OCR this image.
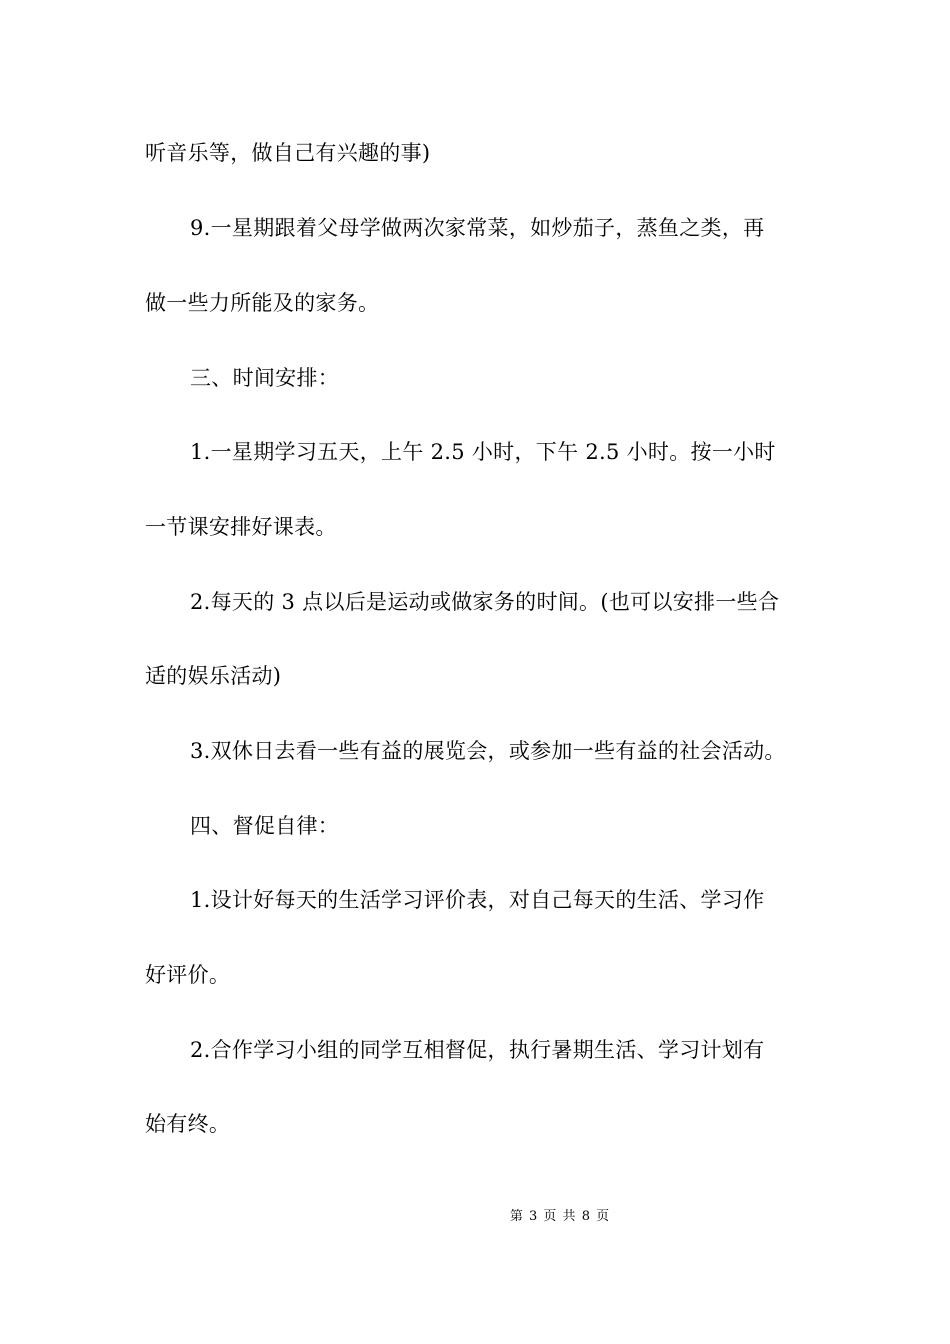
听音乐等，做自己有兴趣的事)
9.一星期跟着父母学做两次家常菜，如炒茄子，蒸鱼之类，再
做一些力所能及的家务。
三、时间安排：
1.一星期学习五天，上午 2.5 小时，下午 2.5 小时。按一小时
一节课安排好课表。
2.每天的 3 点以后是运动或做家务的时间。(也可以安排一些合
适的娱乐活动)
3.双休日去看一些有益的展览会，或参加一些有益的社会活动。
四、督促自律：
1.设计好每天的生活学习评价表，对自己每天的生活、学习作
好评价。
2.合作学习小组的同学互相督促，执行暑期生活、学习计划有
始有终。
第 3 页 共 8 页
